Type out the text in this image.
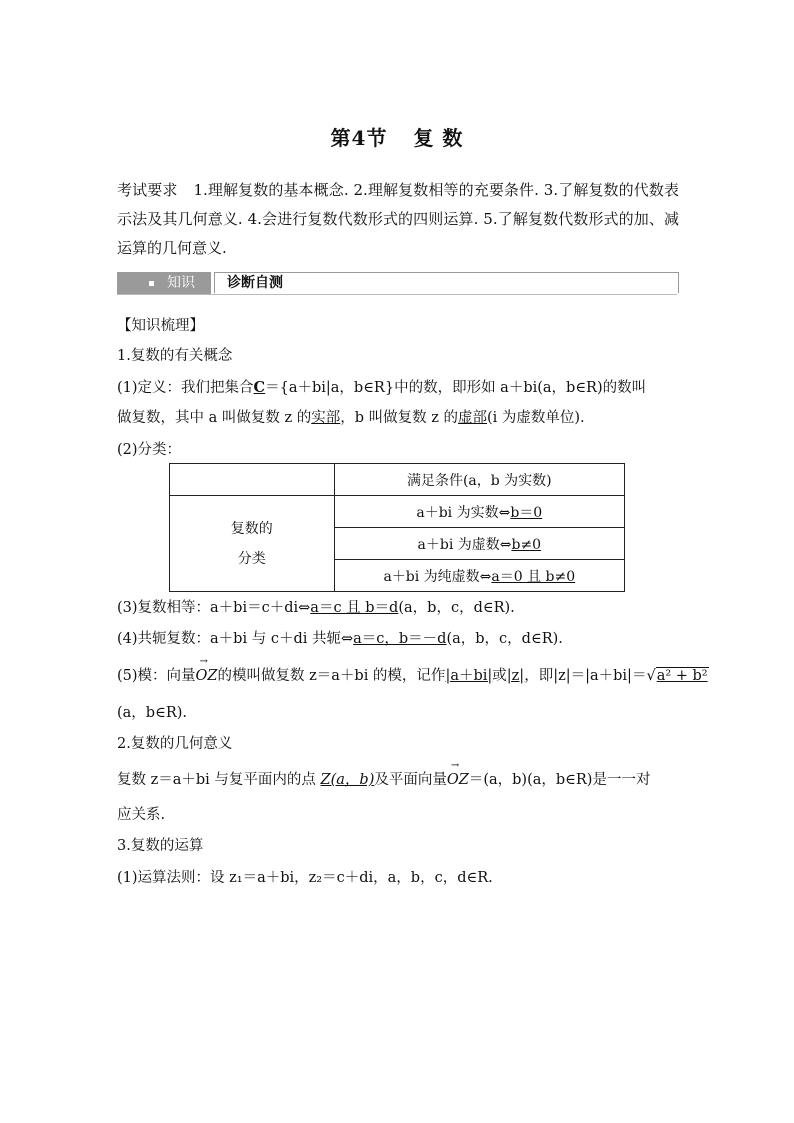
第4节 复 数
考试要求 1.理解复数的基本概念. 2.理解复数相等的充要条件. 3.了解复数的代数表示法及其几何意义. 4.会进行复数代数形式的四则运算. 5.了解复数代数形式的加、减运算的几何意义.
知识 诊断自测
【知识梳理】
1.复数的有关概念
(1)定义：我们把集合C＝{a＋bi|a，b∈R}中的数，即形如 a＋bi(a，b∈R)的数叫
做复数，其中 a 叫做复数 z 的实部，b 叫做复数 z 的虚部(i 为虚数单位).
(2)分类：
	满足条件(a，b 为实数)

复数的
分类	a＋bi 为实数⇔b＝0
	a＋bi 为虚数⇔b≠0
	a＋bi 为纯虚数⇔a＝0 且 b≠0
(3)复数相等：a＋bi＝c＋di⇔a＝c 且 b＝d(a，b，c，d∈R).
(4)共轭复数：a＋bi 与 c＋di 共轭⇔a＝c，b＝－d(a，b，c，d∈R).
(5)模：向量
→
OZ的模叫做复数 z＝a＋bi 的模，记作|a＋bi|或|z|，即|z|＝|a＋bi|＝√a² + b²
(a，b∈R).
2.复数的几何意义
复数 z＝a＋bi 与复平面内的点 Z(a，b)及平面向量
→
OZ＝(a，b)(a，b∈R)是一一对
应关系.
3.复数的运算
(1)运算法则：设 z₁＝a＋bi，z₂＝c＋di，a，b，c，d∈R.
